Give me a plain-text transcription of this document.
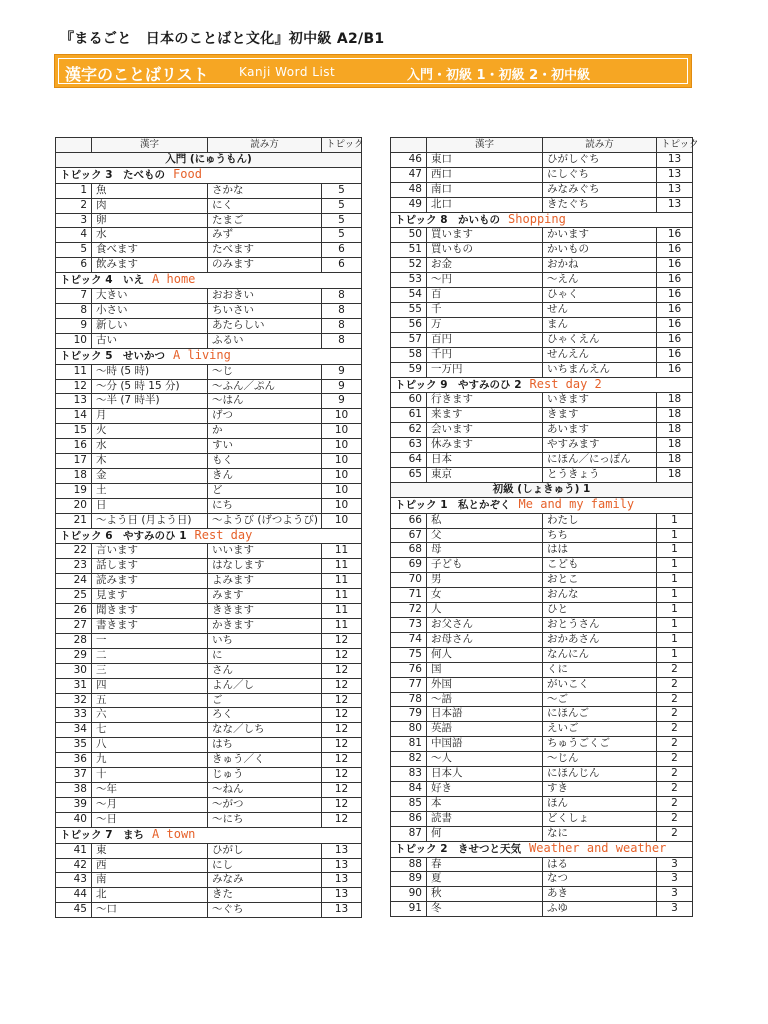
『まるごと　日本のことばと文化』初中級 A2/B1
漢字のことばリスト	Kanji Word List	入門・初級 1・初級 2・初中級
	漢字	読み方	トピック
入門 (にゅうもん)			
トピック 3　たべもの Food			
1	魚	さかな	5
2	肉	にく	5
3	卵	たまご	5
4	水	みず	5
5	食べます	たべます	6
6	飲みます	のみます	6
トピック 4　いえ A home			
7	大きい	おおきい	8
8	小さい	ちいさい	8
9	新しい	あたらしい	8
10	古い	ふるい	8
トピック 5　せいかつ A living			
11	～時 (5 時)	～じ	9
12	～分 (5 時 15 分)	～ふん／ぷん	9
13	～半 (7 時半)	～はん	9
14	月	げつ	10
15	火	か	10
16	水	すい	10
17	木	もく	10
18	金	きん	10
19	土	ど	10
20	日	にち	10
21	～よう日 (月よう日)	～ようび (げつようび)	10
トピック 6　やすみのひ 1 Rest day			
22	言います	いいます	11
23	話します	はなします	11
24	読みます	よみます	11
25	見ます	みます	11
26	聞きます	ききます	11
27	書きます	かきます	11
28	一	いち	12
29	二	に	12
30	三	さん	12
31	四	よん／し	12
32	五	ご	12
33	六	ろく	12
34	七	なな／しち	12
35	八	はち	12
36	九	きゅう／く	12
37	十	じゅう	12
38	～年	～ねん	12
39	～月	～がつ	12
40	～日	～にち	12
トピック 7　まち A town			
41	東	ひがし	13
42	西	にし	13
43	南	みなみ	13
44	北	きた	13
45	～口	～ぐち	13
	漢字	読み方	トピック
46	東口	ひがしぐち	13
47	西口	にしぐち	13
48	南口	みなみぐち	13
49	北口	きたぐち	13
トピック 8　かいもの Shopping			
50	買います	かいます	16
51	買いもの	かいもの	16
52	お金	おかね	16
53	～円	～えん	16
54	百	ひゃく	16
55	千	せん	16
56	万	まん	16
57	百円	ひゃくえん	16
58	千円	せんえん	16
59	一万円	いちまんえん	16
トピック 9　やすみのひ 2 Rest day 2			
60	行きます	いきます	18
61	来ます	きます	18
62	会います	あいます	18
63	休みます	やすみます	18
64	日本	にほん／にっぽん	18
65	東京	とうきょう	18
初級 (しょきゅう) 1			
トピック 1　私とかぞく Me and my family			
66	私	わたし	1
67	父	ちち	1
68	母	はは	1
69	子ども	こども	1
70	男	おとこ	1
71	女	おんな	1
72	人	ひと	1
73	お父さん	おとうさん	1
74	お母さん	おかあさん	1
75	何人	なんにん	1
76	国	くに	2
77	外国	がいこく	2
78	～語	～ご	2
79	日本語	にほんご	2
80	英語	えいご	2
81	中国語	ちゅうごくご	2
82	～人	～じん	2
83	日本人	にほんじん	2
84	好き	すき	2
85	本	ほん	2
86	読書	どくしょ	2
87	何	なに	2
トピック 2　きせつと天気 Weather and weather			
88	春	はる	3
89	夏	なつ	3
90	秋	あき	3
91	冬	ふゆ	3
